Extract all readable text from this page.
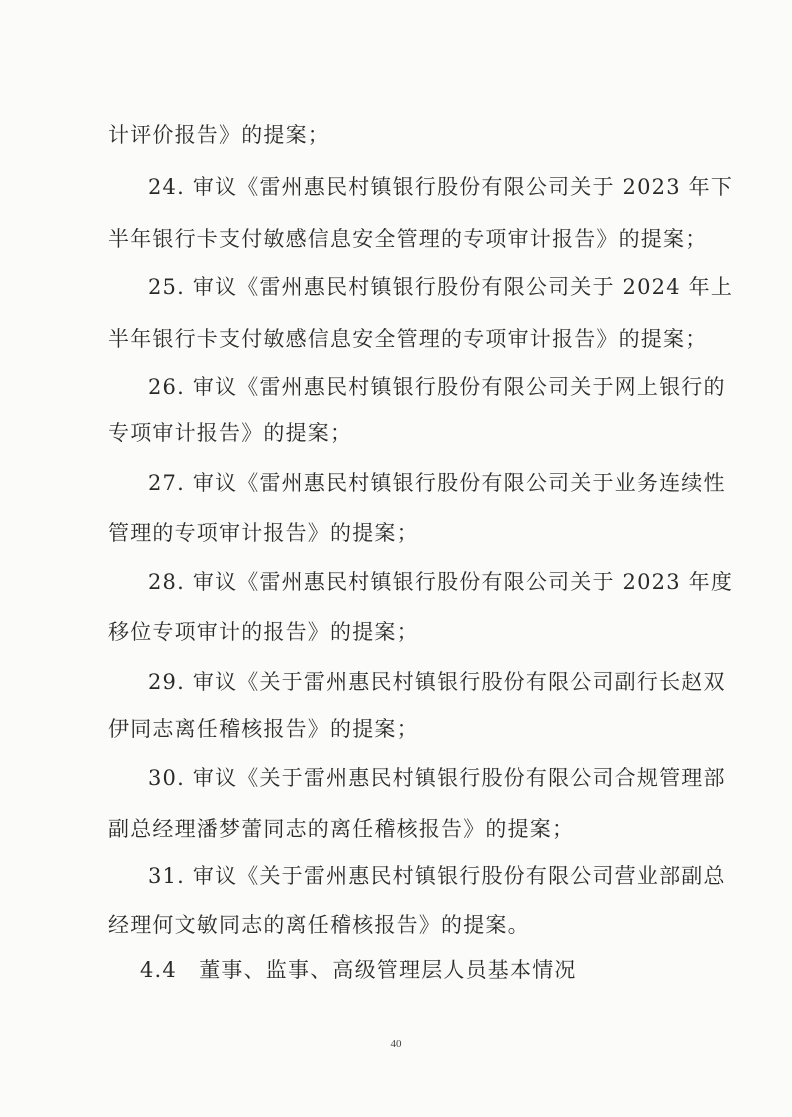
计评价报告》的提案；
24. 审议《雷州惠民村镇银行股份有限公司关于 2023 年下
半年银行卡支付敏感信息安全管理的专项审计报告》的提案；
25. 审议《雷州惠民村镇银行股份有限公司关于 2024 年上
半年银行卡支付敏感信息安全管理的专项审计报告》的提案；
26. 审议《雷州惠民村镇银行股份有限公司关于网上银行的
专项审计报告》的提案；
27. 审议《雷州惠民村镇银行股份有限公司关于业务连续性
管理的专项审计报告》的提案；
28. 审议《雷州惠民村镇银行股份有限公司关于 2023 年度
移位专项审计的报告》的提案；
29. 审议《关于雷州惠民村镇银行股份有限公司副行长赵双
伊同志离任稽核报告》的提案；
30. 审议《关于雷州惠民村镇银行股份有限公司合规管理部
副总经理潘梦蕾同志的离任稽核报告》的提案；
31. 审议《关于雷州惠民村镇银行股份有限公司营业部副总
经理何文敏同志的离任稽核报告》的提案。
4.4　董事、监事、高级管理层人员基本情况
40
